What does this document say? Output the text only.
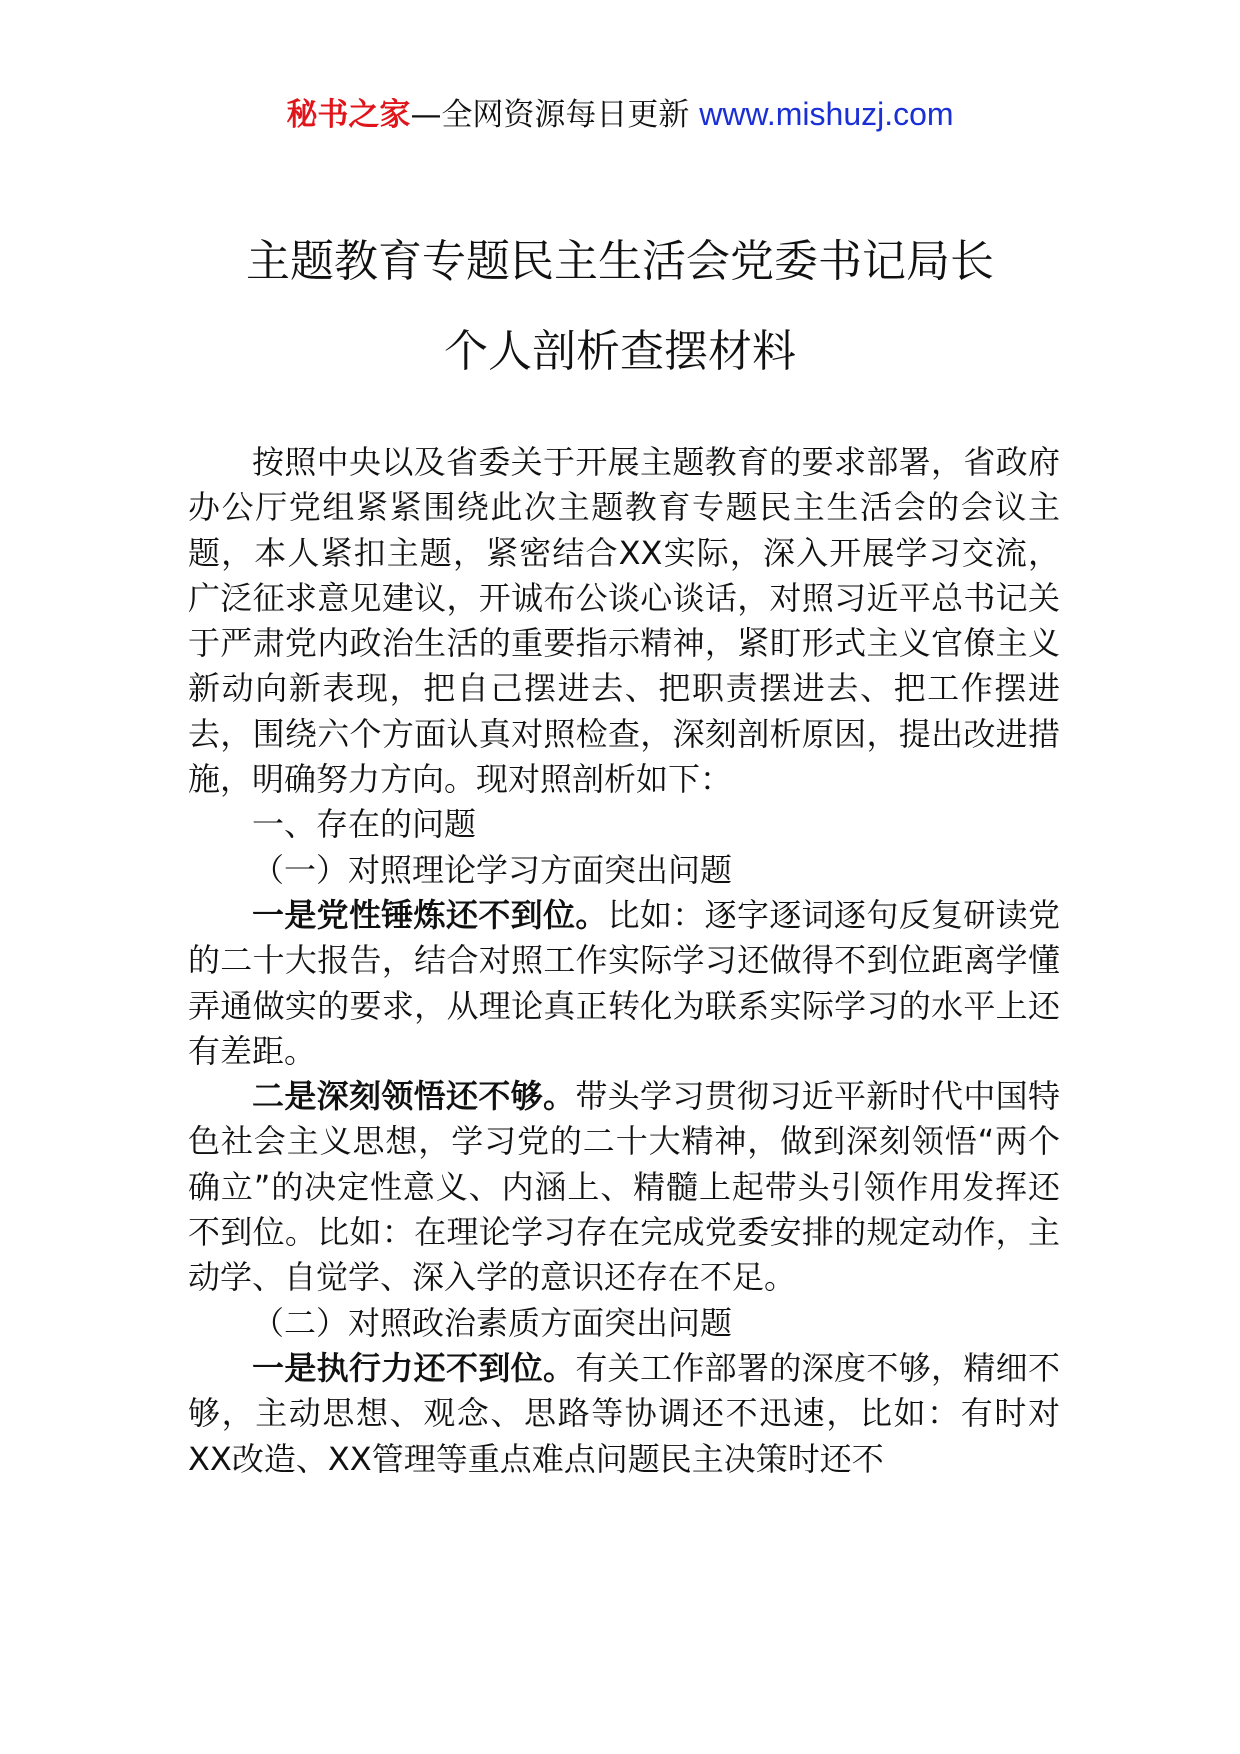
秘书之家—全网资源每日更新 www.mishuzj.com
主题教育专题民主生活会党委书记局长
个人剖析查摆材料

按照中央以及省委关于开展主题教育的要求部署，省政府办公厅党组紧紧围绕此次主题教育专题民主生活会的会议主题，本人紧扣主题，紧密结合XX实际，深入开展学习交流，广泛征求意见建议，开诚布公谈心谈话，对照习近平总书记关于严肃党内政治生活的重要指示精神，紧盯形式主义官僚主义新动向新表现，把自己摆进去、把职责摆进去、把工作摆进去，围绕六个方面认真对照检查，深刻剖析原因，提出改进措施，明确努力方向。现对照剖析如下：

一、存在的问题

（一）对照理论学习方面突出问题

一是党性锤炼还不到位。比如：逐字逐词逐句反复研读党的二十大报告，结合对照工作实际学习还做得不到位距离学懂弄通做实的要求，从理论真正转化为联系实际学习的水平上还有差距。

二是深刻领悟还不够。带头学习贯彻习近平新时代中国特色社会主义思想，学习党的二十大精神，做到深刻领悟“两个确立”的决定性意义、内涵上、精髓上起带头引领作用发挥还不到位。比如：在理论学习存在完成党委安排的规定动作，主动学、自觉学、深入学的意识还存在不足。

（二）对照政治素质方面突出问题

一是执行力还不到位。有关工作部署的深度不够，精细不够，主动思想、观念、思路等协调还不迅速，比如：有时对XX改造、XX管理等重点难点问题民主决策时还不
